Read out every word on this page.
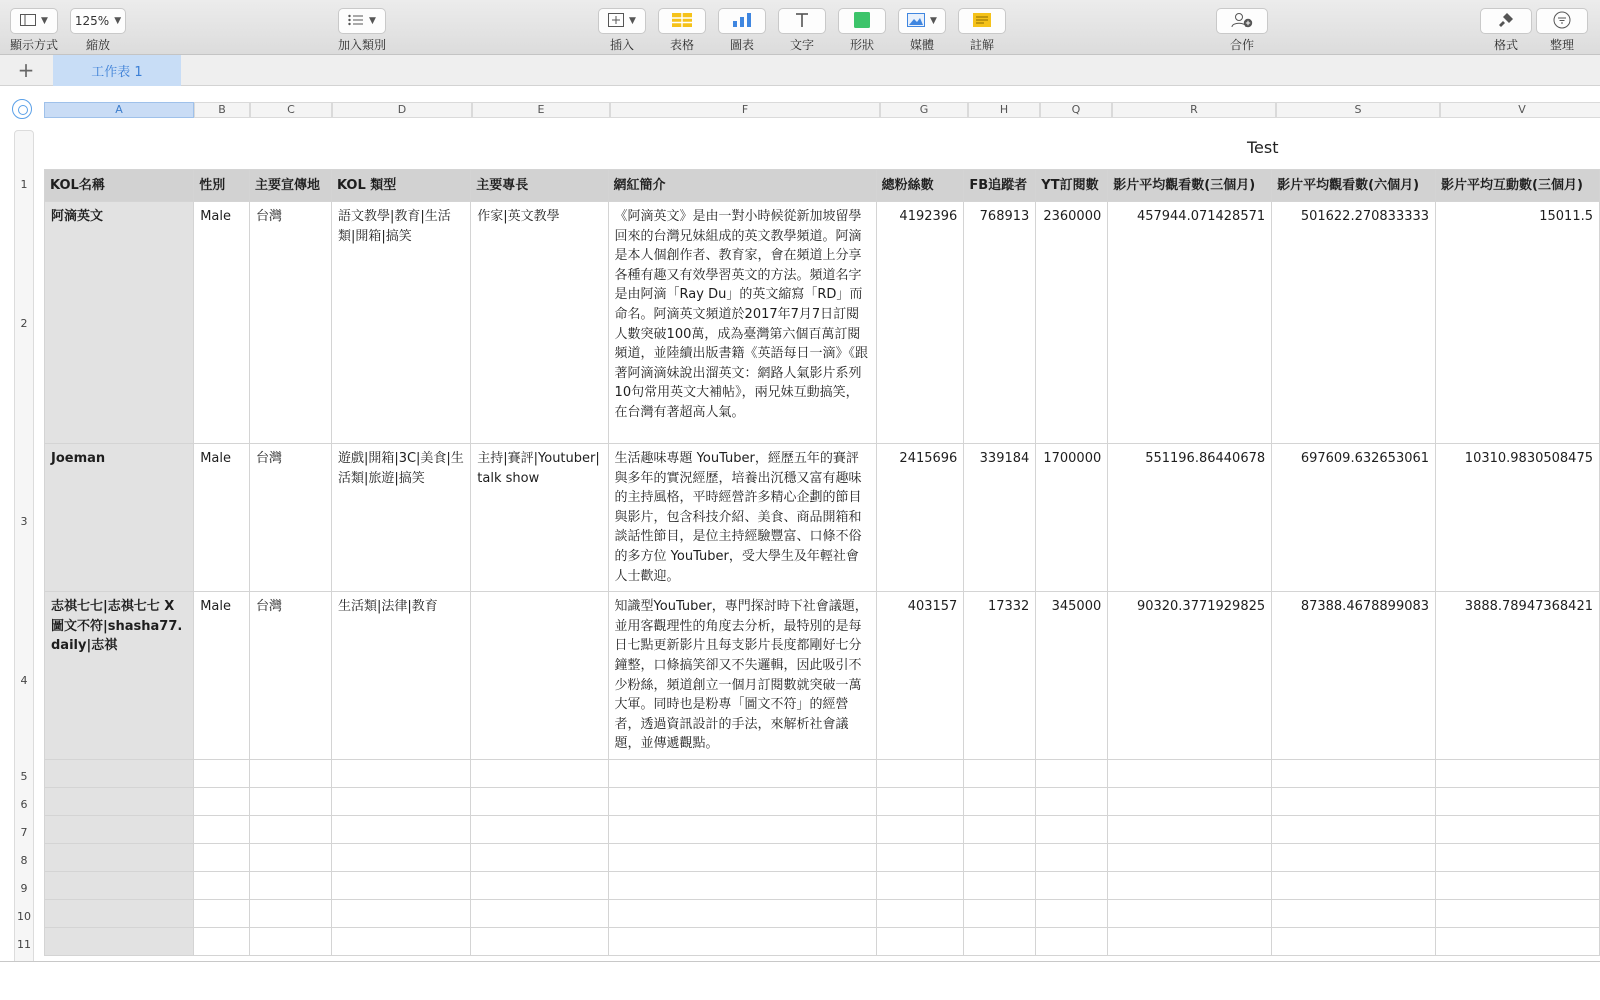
▼
顯示方式
125% ▼
縮放
▼
加入類別
▼
插入	表格	圖表	文字	形狀
▼
媒體	註解	合作	格式	整理
+	工作表 1
A	B	C	D	E	F	G	H	Q	R	S	V
1
2
3
4
5
6
7
8
9
10
11
Test
KOL名稱	性別	主要宣傳地	KOL 類型	主要專長	網紅簡介	總粉絲數	FB追蹤者	YT訂閱數	影片平均觀看數(三個月)	影片平均觀看數(六個月)	影片平均互動數(三個月)
阿滴英文	Male	台灣	語文教學|教育|生活類|開箱|搞笑	作家|英文教學	《阿滴英文》是由一對小時候從新加坡留學回來的台灣兄妹組成的英文教學頻道。阿滴是本人個創作者、教育家，會在頻道上分享各種有趣又有效學習英文的方法。頻道名字是由阿滴「Ray Du」的英文縮寫「RD」而命名。阿滴英文頻道於2017年7月7日訂閱人數突破100萬，成為臺灣第六個百萬訂閱頻道，並陸續出版書籍《英語每日一滴》《跟著阿滴滴妹說出溜英文：網路人氣影片系列10句常用英文大補帖》，兩兄妹互動搞笑，在台灣有著超高人氣。	4192396	768913	2360000	457944.071428571	501622.270833333	15011.5
Joeman	Male	台灣	遊戲|開箱|3C|美食|生活類|旅遊|搞笑	主持|賽評|Youtuber|talk show	生活趣味專題 YouTuber，經歷五年的賽評與多年的實況經歷，培養出沉穩又富有趣味的主持風格，平時經營許多精心企劃的節目與影片，包含科技介紹、美食、商品開箱和談話性節目，是位主持經驗豐富、口條不俗的多方位 YouTuber，受大學生及年輕社會人士歡迎。	2415696	339184	1700000	551196.86440678	697609.632653061	10310.9830508475
志祺七七|志祺七七 X 圖文不符|shasha77.daily|志祺	Male	台灣	生活類|法律|教育		知識型YouTuber，專門探討時下社會議題，並用客觀理性的角度去分析，最特別的是每日七點更新影片且每支影片長度都剛好七分鐘整，口條搞笑卻又不失邏輯，因此吸引不少粉絲，頻道創立一個月訂閱數就突破一萬大軍。同時也是粉專「圖文不符」的經營者，透過資訊設計的手法，來解析社會議題，並傳遞觀點。	403157	17332	345000	90320.3771929825	87388.4678899083	3888.78947368421
